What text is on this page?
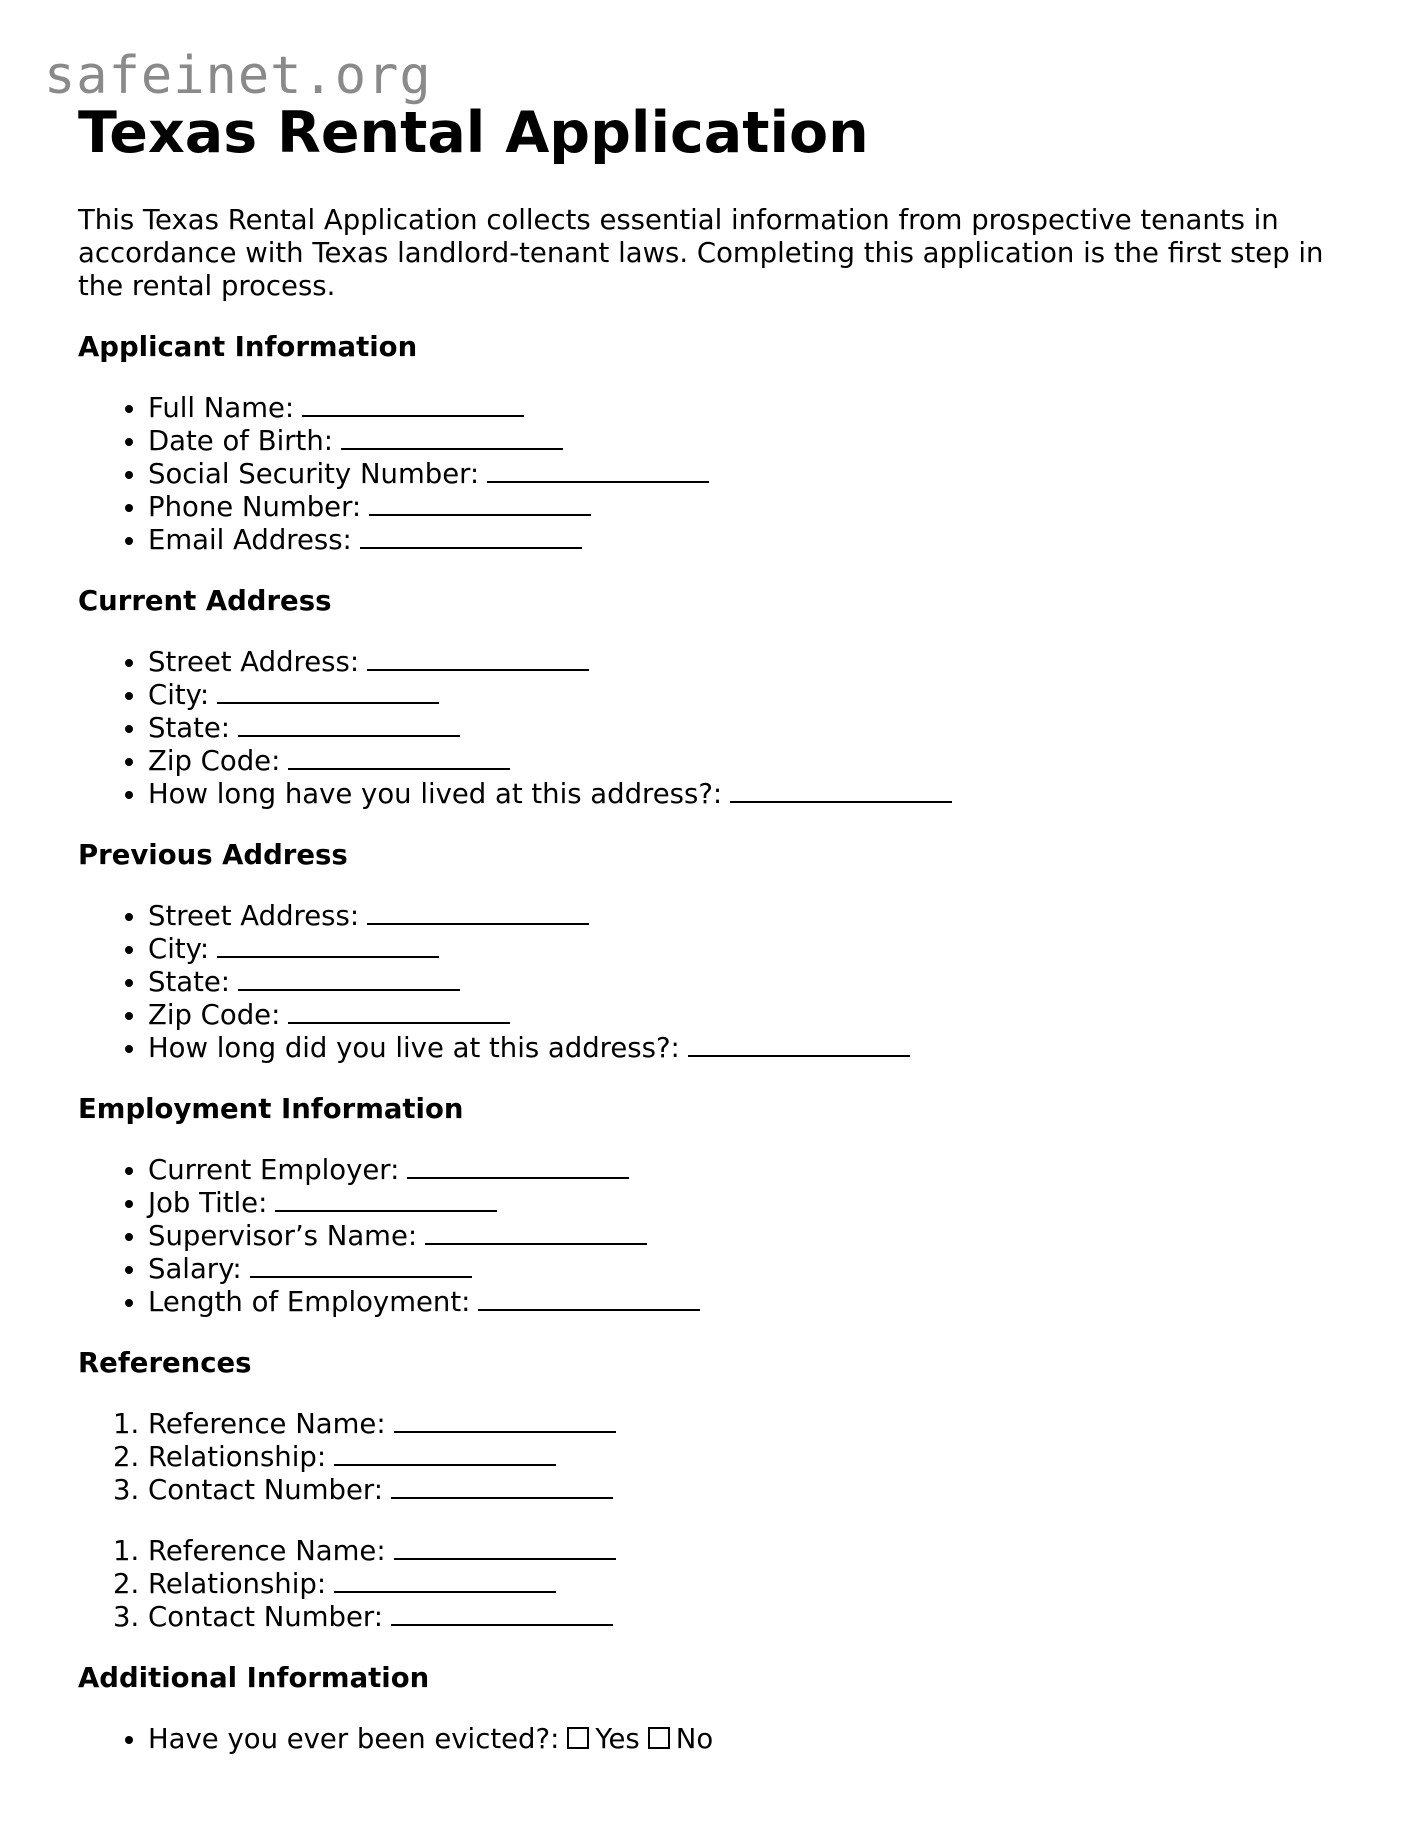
safeinet.org
Texas Rental Application

This Texas Rental Application collects essential information from prospective tenants in accordance with Texas landlord-tenant laws. Completing this application is the first step in the rental process.

Applicant Information
• Full Name:
• Date of Birth:
• Social Security Number:
• Phone Number:
• Email Address:
Current Address
• Street Address:
• City:
• State:
• Zip Code:
• How long have you lived at this address?:
Previous Address
• Street Address:
• City:
• State:
• Zip Code:
• How long did you live at this address?:
Employment Information
• Current Employer:
• Job Title:
• Supervisor’s Name:
• Salary:
• Length of Employment:
References
1. Reference Name:
2. Relationship:
3. Contact Number:
1. Reference Name:
2. Relationship:
3. Contact Number:
Additional Information
• Have you ever been evicted?: Yes No
